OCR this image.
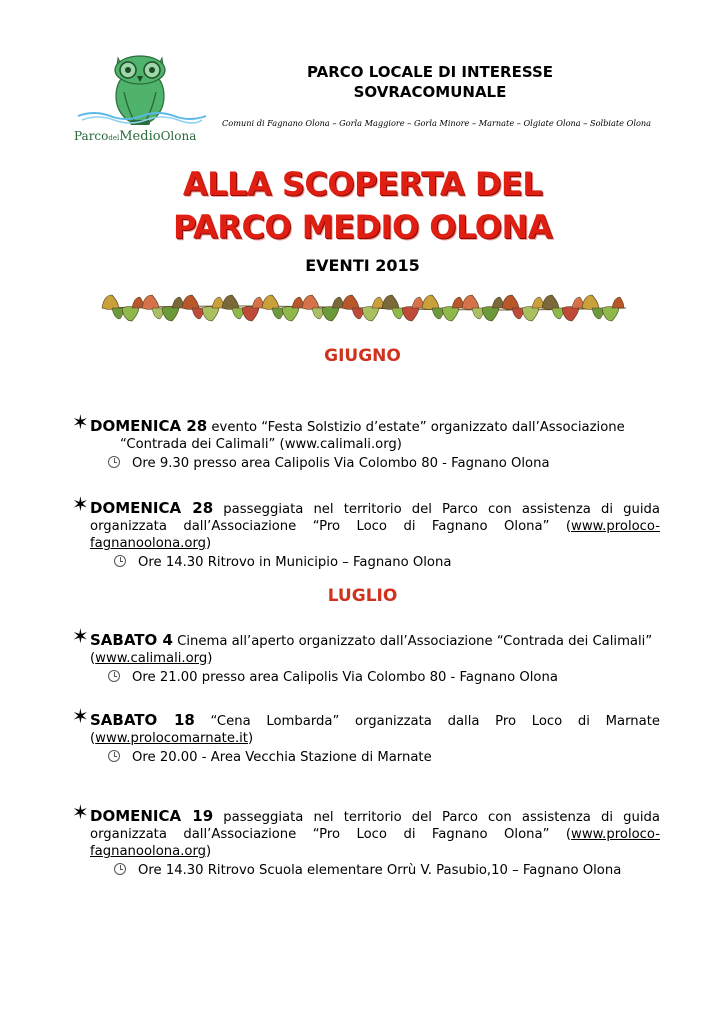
ParcodelMedioOlona
PARCO LOCALE DI INTERESSE
SOVRACOMUNALE
Comuni di Fagnano Olona – Gorla Maggiore – Gorla Minore – Marnate – Olgiate Olona – Solbiate Olona
ALLA SCOPERTA DEL
PARCO MEDIO OLONA
EVENTI 2015
GIUGNO
✶ DOMENICA 28 evento “Festa Solstizio d’estate” organizzato dall’Associazione
“Contrada dei Calimali” (www.calimali.org)
Ore 9.30 presso area Calipolis Via Colombo 80 - Fagnano Olona
✶ DOMENICA 28 passeggiata nel territorio del Parco con assistenza di guida organizzata dall’Associazione “Pro Loco di Fagnano Olona” (www.proloco-fagnanoolona.org)
Ore 14.30 Ritrovo in Municipio – Fagnano Olona
LUGLIO
✶ SABATO 4 Cinema all’aperto organizzato dall’Associazione “Contrada dei Calimali” (www.calimali.org)
Ore 21.00 presso area Calipolis Via Colombo 80 - Fagnano Olona
✶ SABATO 18 “Cena Lombarda” organizzata dalla Pro Loco di Marnate (www.prolocomarnate.it)
Ore 20.00 - Area Vecchia Stazione di Marnate
✶ DOMENICA 19 passeggiata nel territorio del Parco con assistenza di guida organizzata dall’Associazione “Pro Loco di Fagnano Olona” (www.proloco-fagnanoolona.org)
Ore 14.30 Ritrovo Scuola elementare Orrù V. Pasubio,10 – Fagnano Olona
